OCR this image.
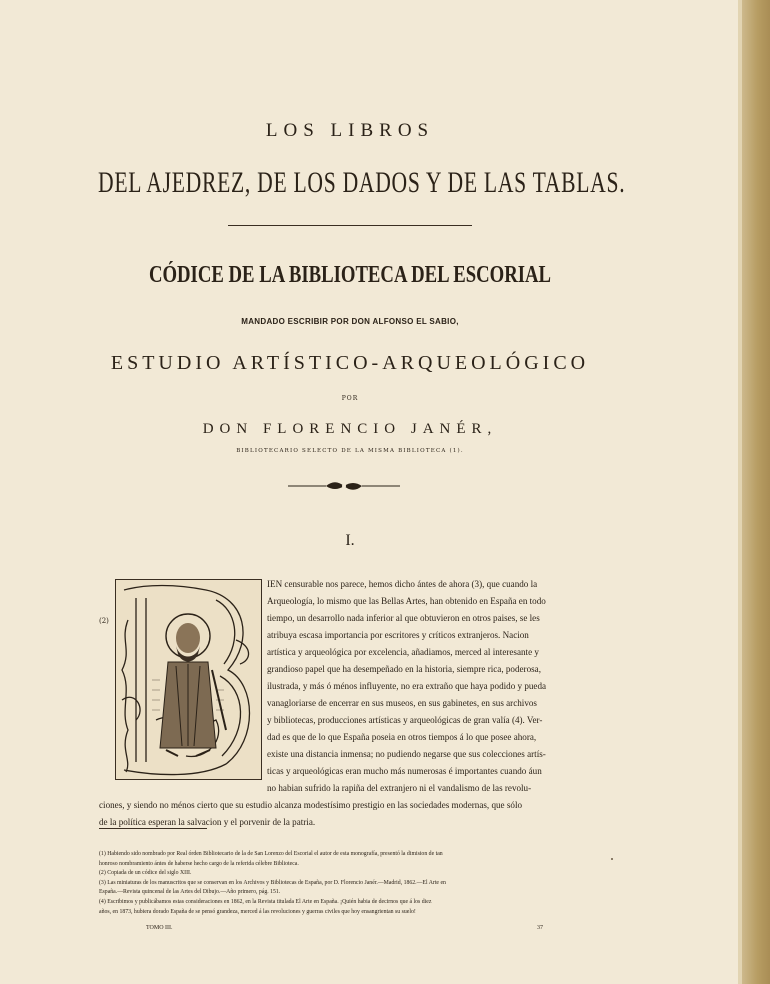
LOS LIBROS
DEL AJEDREZ, DE LOS DADOS Y DE LAS TABLAS.
CÓDICE DE LA BIBLIOTECA DEL ESCORIAL
MANDADO ESCRIBIR POR DON ALFONSO EL SABIO,
ESTUDIO ARTÍSTICO-ARQUEOLÓGICO
POR
DON FLORENCIO JANÉR,
BIBLIOTECARIO SELECTO DE LA MISMA BIBLIOTECA (1).
I.
(2)
IEN censurable nos parece, hemos dicho ántes de ahora (3), que cuando la
Arqueología, lo mismo que las Bellas Artes, han obtenido en España en todo
tiempo, un desarrollo nada inferior al que obtuvieron en otros paises, se les
atribuya escasa importancia por escritores y críticos extranjeros. Nacion
artística y arqueológica por excelencia, añadiamos, merced al interesante y
grandioso papel que ha desempeñado en la historia, siempre rica, poderosa,
ilustrada, y más ó ménos influyente, no era extraño que haya podido y pueda
vanagloriarse de encerrar en sus museos, en sus gabinetes, en sus archivos
y bibliotecas, producciones artísticas y arqueológicas de gran valía (4). Ver-
dad es que de lo que España poseia en otros tiempos á lo que posee ahora,
existe una distancia inmensa; no pudiendo negarse que sus colecciones artís-
ticas y arqueológicas eran mucho más numerosas é importantes cuando áun
no habian sufrido la rapiña del extranjero ni el vandalismo de las revolu-
ciones, y siendo no ménos cierto que su estudio alcanza modestísimo prestigio en las sociedades modernas, que sólo
de la política esperan la salvacion y el porvenir de la patria.
(1) Habiendo sido nombrado por Real órden Bibliotecario de la de San Lorenzo del Escorial el autor de esta monografía, presentó la dimision de tan
honroso nombramiento ántes de haberse hecho cargo de la referida célebre Biblioteca.
(2) Copiada de un códice del siglo XIII.
(3) Las miniaturas de los manuscritos que se conservan en los Archivos y Bibliotecas de España, por D. Florencio Janér.—Madrid, 1862.—El Arte en
España.—Revista quincenal de las Artes del Dibujo.—Año primero, pág. 151.
(4) Escribimos y publicábamos estas consideraciones en 1862, en la Revista titulada El Arte en España. ¡Quién habia de decirnos que á los diez
años, en 1873, hubiera dorado España de se pensó grandeza, merced á las revoluciones y guerras civiles que hoy ensangrientan su suelo!
TOMO III.	37
